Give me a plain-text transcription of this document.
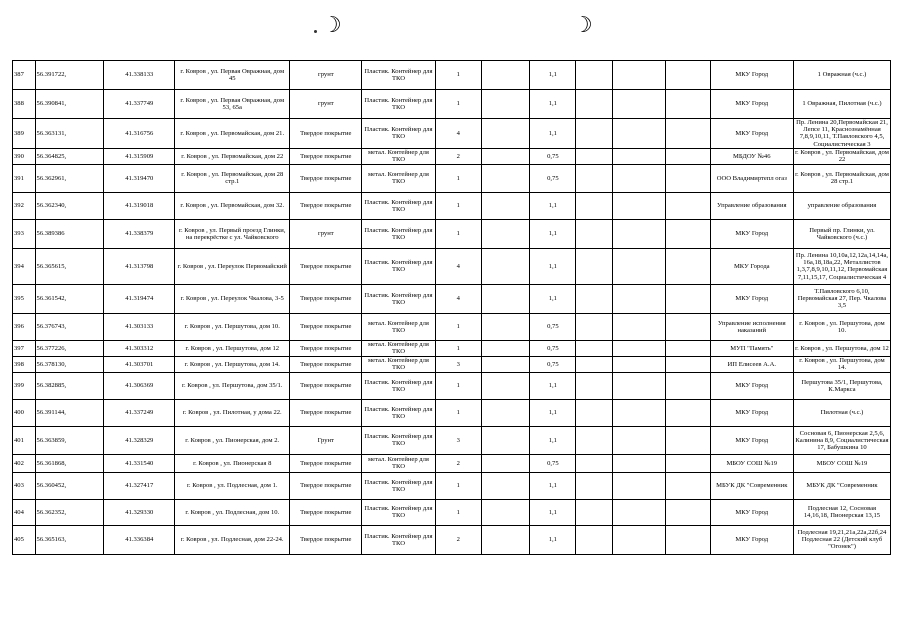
☽	☽
387	56.391722,	41.338133	г. Ковров , ул. Первая Овражная, дом 45	грунт	Пластик. Контейнер для ТКО	1		1,1				МКУ Город	1 Овражная (ч.с.)
388	56.390841,	41.337749	г. Ковров , ул. Первая Овражная, дом 53, 65а	грунт	Пластик. Контейнер для ТКО	1		1,1				МКУ Город	1 Овражная, Пилотная (ч.с.)
389	56.363131,	41.316756	г. Ковров , ул. Первомайская, дом 21.	Твердое покрытие	Пластик. Контейнер для ТКО	4		1,1				МКУ Город	Пр. Ленина 20,Первомайская 21, Лепсе 11, Краснознамённая 7,8,9,10,11, Т.Павловского 4,5, Социалистическая 3
390	56.364825,	41.315909	г. Ковров , ул. Первомайская, дом 22	Твердое покрытие	метал. Контейнер для ТКО	2		0,75				МБДОУ №46	г. Ковров , ул. Первомайская, дом 22
391	56.362961,	41.319470	г. Ковров , ул. Первомайская, дом 28 стр.1	Твердое покрытие	метал. Контейнер для ТКО	1		0,75				ООО Владимиртепл огаз	г. Ковров , ул. Первомайская, дом 28 стр.1
392	56.362340,	41.319018	г. Ковров , ул. Первомайская, дом 32.	Твердое покрытие	Пластик. Контейнер для ТКО	1		1,1				Управление образования	управление образования
393	56.389386	41.338379	г. Ковров , ул. Первый проезд Глинки, на перекрёстке с ул. Чайковского	грунт	Пластик. Контейнер для ТКО	1		1,1				МКУ Город	Первый пр. Глинки, ул. Чайковского (ч.с.)
394	56.365615,	41.313798	г. Ковров , ул. Переулок Первомайский	Твердое покрытие	Пластик. Контейнер для ТКО	4		1,1				МКУ Города	Пр. Ленина 10,10а,12,12а,14,14а, 16а,18,18а,22, Металлистов 1,3,7,8,9,10,11,12, Первомайская 7,11,15,17, Социалистическая 4
395	56.361542,	41.319474	г. Ковров , ул. Переулок Чкалова, 3-5	Твердое покрытие	Пластик. Контейнер для ТКО	4		1,1				МКУ Город	Т.Павловского 6,10, Первомайская 27, Пер. Чкалова 3,5
396	56.376743,	41.303133	г. Ковров , ул. Першутова, дом 10.	Твердое покрытие	метал. Контейнер для ТКО	1		0,75				Управление исполнения наказаний	г. Ковров , ул. Першутова, дом 10.
397	56.377226,	41.303312	г. Ковров , ул. Першутова, дом 12	Твердое покрытие	метал. Контейнер для ТКО	1		0,75				МУП "Память"	г. Ковров , ул. Першутова, дом 12
398	56.378130,	41.303701	г. Ковров , ул. Першутова, дом 14.	Твердое покрытие	метал. Контейнер для ТКО	3		0,75				ИП Елисеев А.А.	г. Ковров , ул. Першутова, дом 14.
399	56.382885,	41.306369	г. Ковров , ул. Першутова, дом 35/1.	Твердое покрытие	Пластик. Контейнер для ТКО	1		1,1				МКУ Город	Першутова 35/1, Першутова, К.Маркса
400	56.391144,	41.337249	г. Ковров , ул. Пилотная, у дома 22.	Твердое покрытие	Пластик. Контейнер для ТКО	1		1,1				МКУ Город	Пилотная (ч.с.)
401	56.363859,	41.328329	г. Ковров , ул. Пионерская, дом 2.	Грунт	Пластик. Контейнер для ТКО	3		1,1				МКУ Город	Сосновая 6, Пионерская 2,5,6, Калинина 8,9, Социалистическая 17, Бабушкина 10
402	56.361868,	41.331540	г. Ковров , ул. Пионерская 8	Твердое покрытие	метал. Контейнер для ТКО	2		0,75				МБОУ СОШ №19	МБОУ СОШ №19
403	56.360452,	41.327417	г. Ковров , ул. Подлесная, дом 1.	Твердое покрытие	Пластик. Контейнер для ТКО	1		1,1				МБУК ДК "Современник	МБУК ДК "Современник
404	56.362352,	41.329330	г. Ковров , ул. Подлесная, дом 10.	Твердое покрытие	Пластик. Контейнер для ТКО	1		1,1				МКУ Город	Подлесная 12, Сосновая 14,16,18, Пионерская 13,15
405	56.365163,	41.336384	г. Ковров , ул. Подлесная, дом 22-24.	Твердое покрытие	Пластик. Контейнер для ТКО	2		1,1				МКУ Город	Подлесная 19,21,21а,22а,22б,24 Подлесная 22 (Детский клуб "Огонек")
